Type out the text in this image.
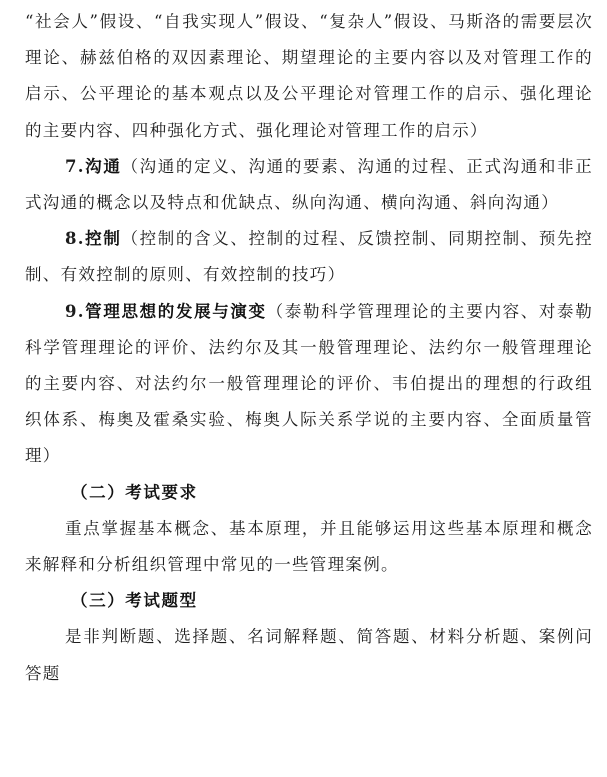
“社会人”假设、“自我实现人”假设、“复杂人”假设、马斯洛的需要层次理论、赫兹伯格的双因素理论、期望理论的主要内容以及对管理工作的启示、公平理论的基本观点以及公平理论对管理工作的启示、强化理论的主要内容、四种强化方式、强化理论对管理工作的启示）

7.沟通（沟通的定义、沟通的要素、沟通的过程、正式沟通和非正式沟通的概念以及特点和优缺点、纵向沟通、横向沟通、斜向沟通）

8.控制（控制的含义、控制的过程、反馈控制、同期控制、预先控制、有效控制的原则、有效控制的技巧）

9.管理思想的发展与演变（泰勒科学管理理论的主要内容、对泰勒科学管理理论的评价、法约尔及其一般管理理论、法约尔一般管理理论的主要内容、对法约尔一般管理理论的评价、韦伯提出的理想的行政组织体系、梅奥及霍桑实验、梅奥人际关系学说的主要内容、全面质量管理）

（二）考试要求

重点掌握基本概念、基本原理，并且能够运用这些基本原理和概念来解释和分析组织管理中常见的一些管理案例。

（三）考试题型

是非判断题、选择题、名词解释题、简答题、材料分析题、案例问答题
